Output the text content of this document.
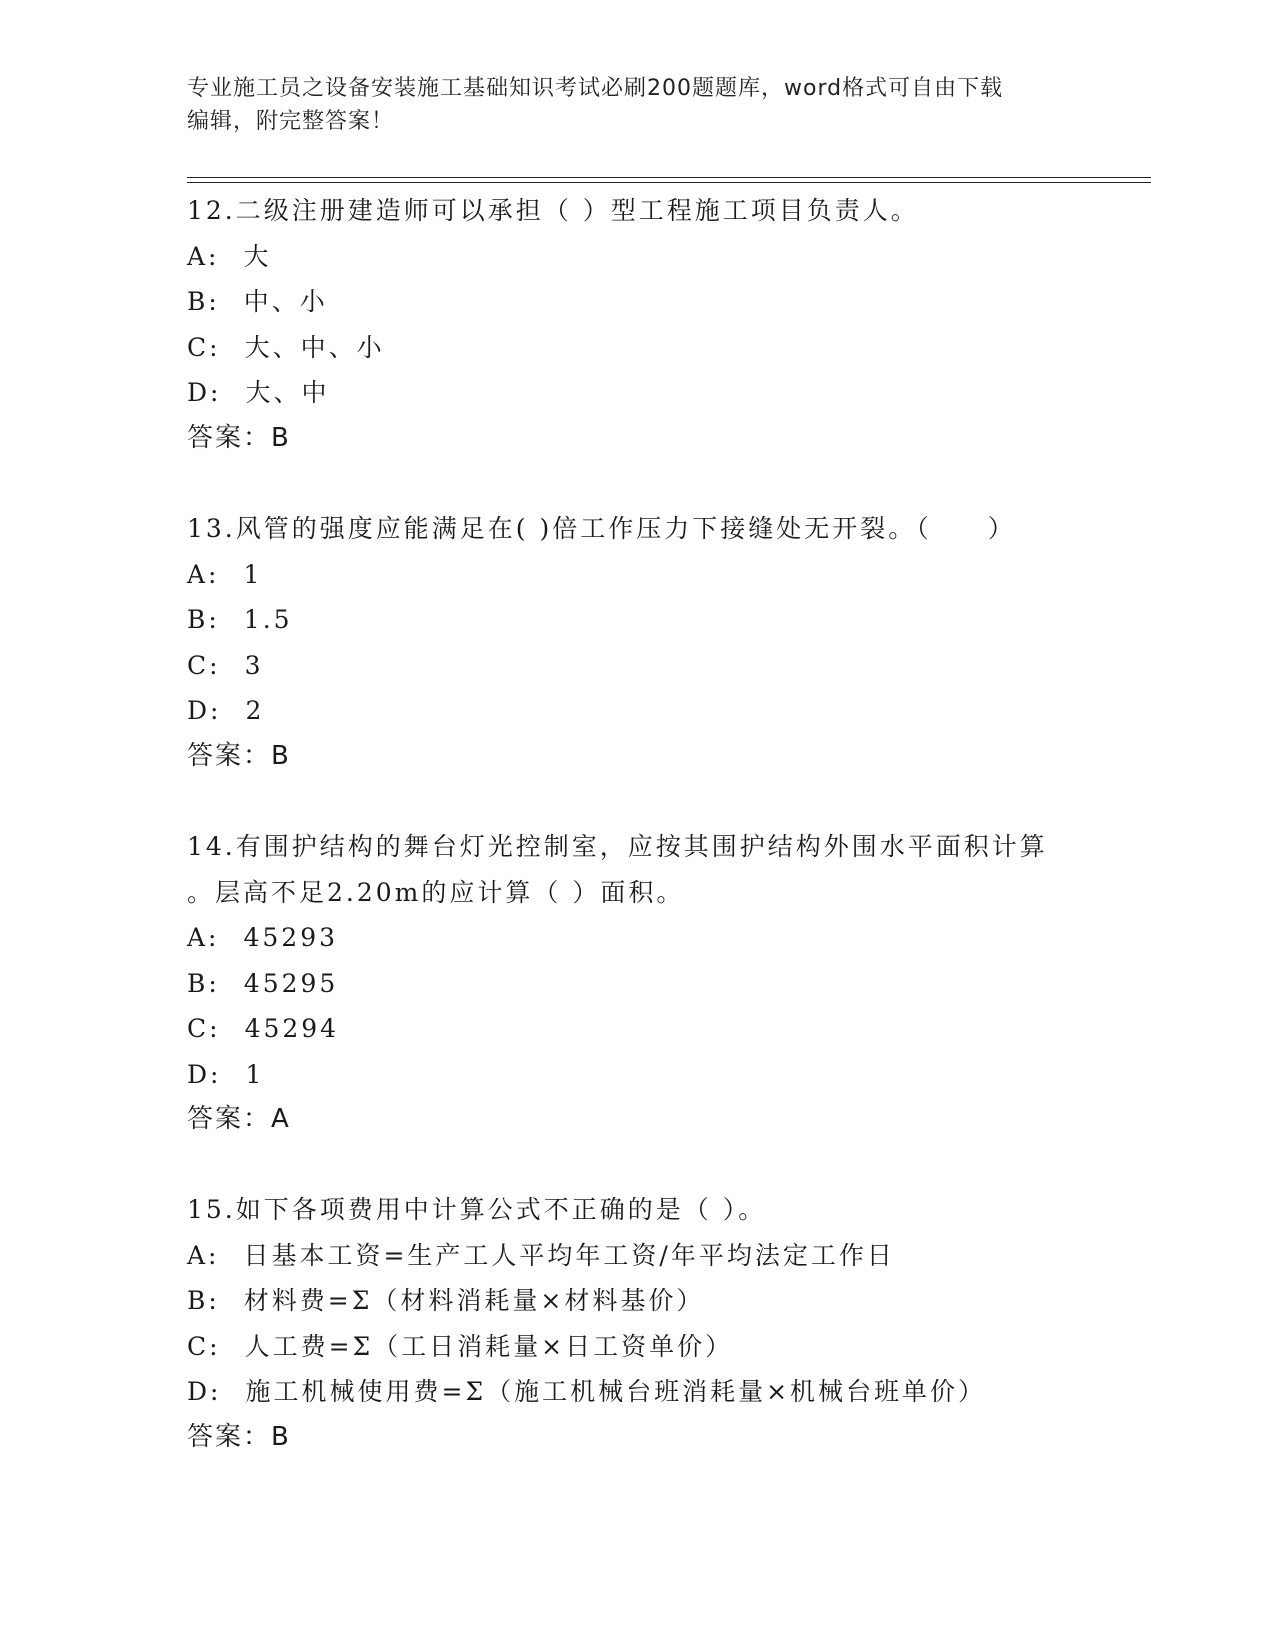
专业施工员之设备安装施工基础知识考试必刷200题题库，word格式可自由下载
编辑，附完整答案！
12.二级注册建造师可以承担（ ）型工程施工项目负责人。
A: 大
B: 中、小
C: 大、中、小
D: 大、中
答案：B
13.风管的强度应能满足在( )倍工作压力下接缝处无开裂。（　　）
A: 1
B: 1.5
C: 3
D: 2
答案：B
14.有围护结构的舞台灯光控制室，应按其围护结构外围水平面积计算
。层高不足2.20m的应计算（ ）面积。
A: 45293
B: 45295
C: 45294
D: 1
答案：A
15.如下各项费用中计算公式不正确的是（ ）。
A: 日基本工资=生产工人平均年工资/年平均法定工作日
B: 材料费=Σ（材料消耗量×材料基价）
C: 人工费=Σ（工日消耗量×日工资单价）
D: 施工机械使用费=Σ（施工机械台班消耗量×机械台班单价）
答案：B
